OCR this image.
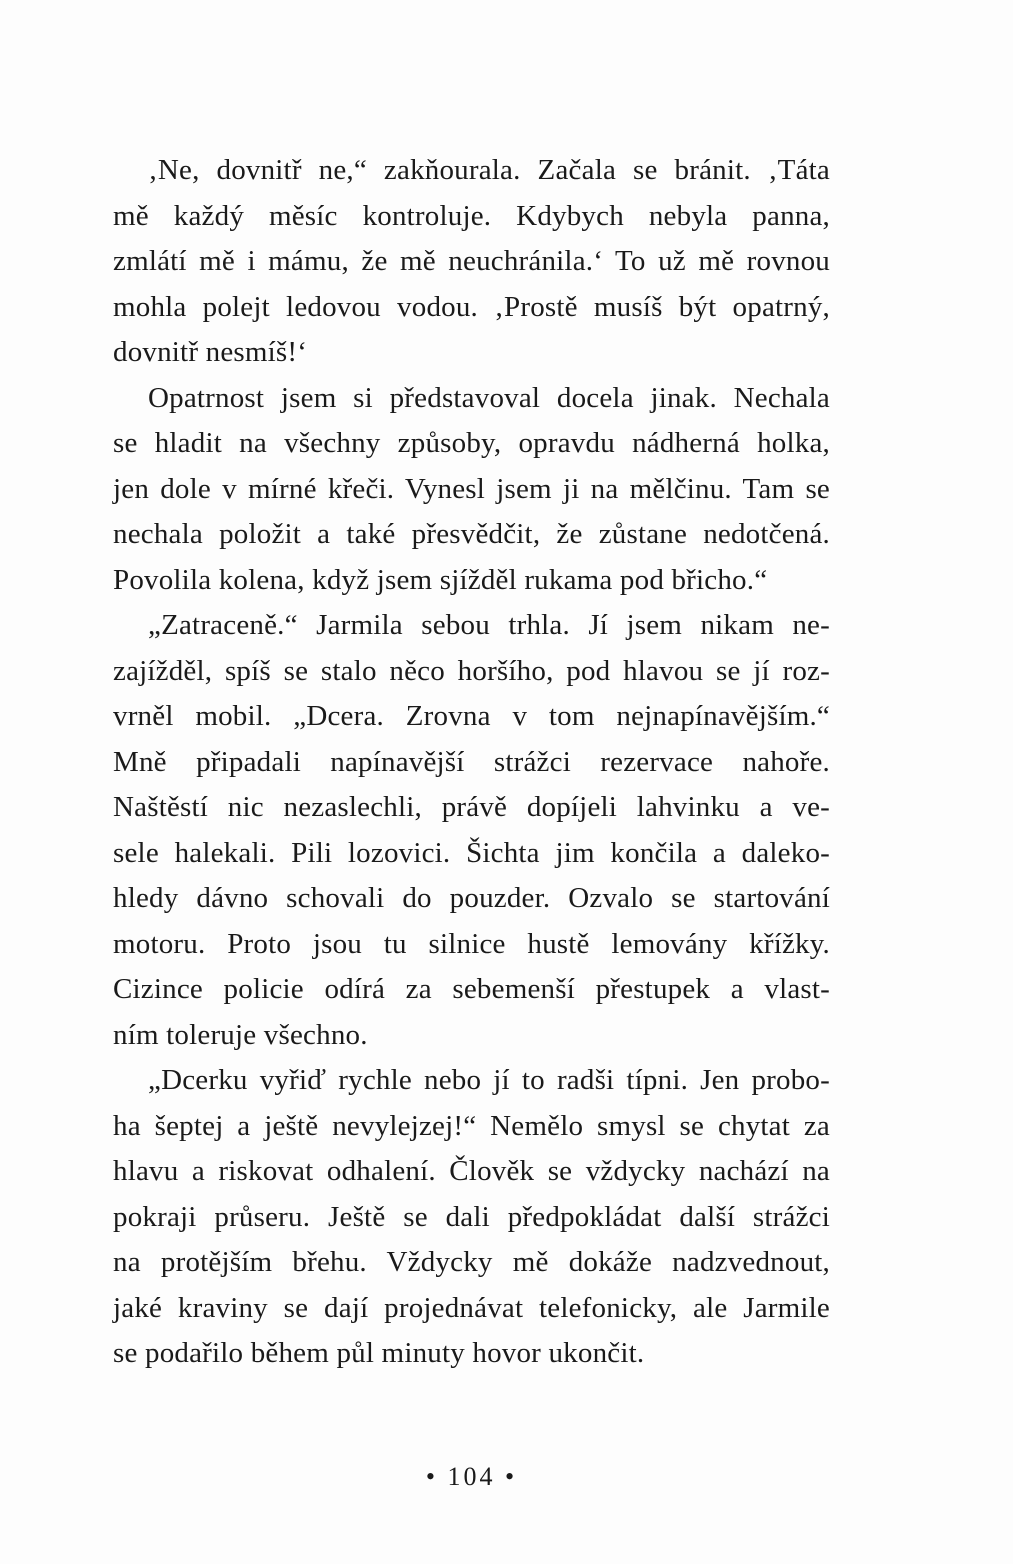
‚Ne, dovnitř ne,“ zakňourala. Začala se bránit. ‚Táta
mě každý měsíc kontroluje. Kdybych nebyla panna,
zmlátí mě i mámu, že mě neuchránila.‘ To už mě rovnou
mohla polejt ledovou vodou. ‚Prostě musíš být opatrný,
dovnitř nesmíš!‘
Opatrnost jsem si představoval docela jinak. Nechala
se hladit na všechny způsoby, opravdu nádherná holka,
jen dole v mírné křeči. Vynesl jsem ji na mělčinu. Tam se
nechala položit a také přesvědčit, že zůstane nedotčená.
Povolila kolena, když jsem sjížděl rukama pod břicho.“
„Zatraceně.“ Jarmila sebou trhla. Jí jsem nikam ne-
zajížděl, spíš se stalo něco horšího, pod hlavou se jí roz-
vrněl mobil. „Dcera. Zrovna v tom nejnapínavějším.“
Mně připadali napínavější strážci rezervace nahoře.
Naštěstí nic nezaslechli, právě dopíjeli lahvinku a ve-
sele halekali. Pili lozovici. Šichta jim končila a daleko-
hledy dávno schovali do pouzder. Ozvalo se startování
motoru. Proto jsou tu silnice hustě lemovány křížky.
Cizince policie odírá za sebemenší přestupek a vlast-
ním toleruje všechno.
„Dcerku vyřiď rychle nebo jí to radši típni. Jen probo-
ha šeptej a ještě nevylejzej!“ Nemělo smysl se chytat za
hlavu a riskovat odhalení. Člověk se vždycky nachází na
pokraji průseru. Ještě se dali předpokládat další strážci
na protějším břehu. Vždycky mě dokáže nadzvednout,
jaké kraviny se dají projednávat telefonicky, ale Jarmile
se podařilo během půl minuty hovor ukončit.
• 104 •
